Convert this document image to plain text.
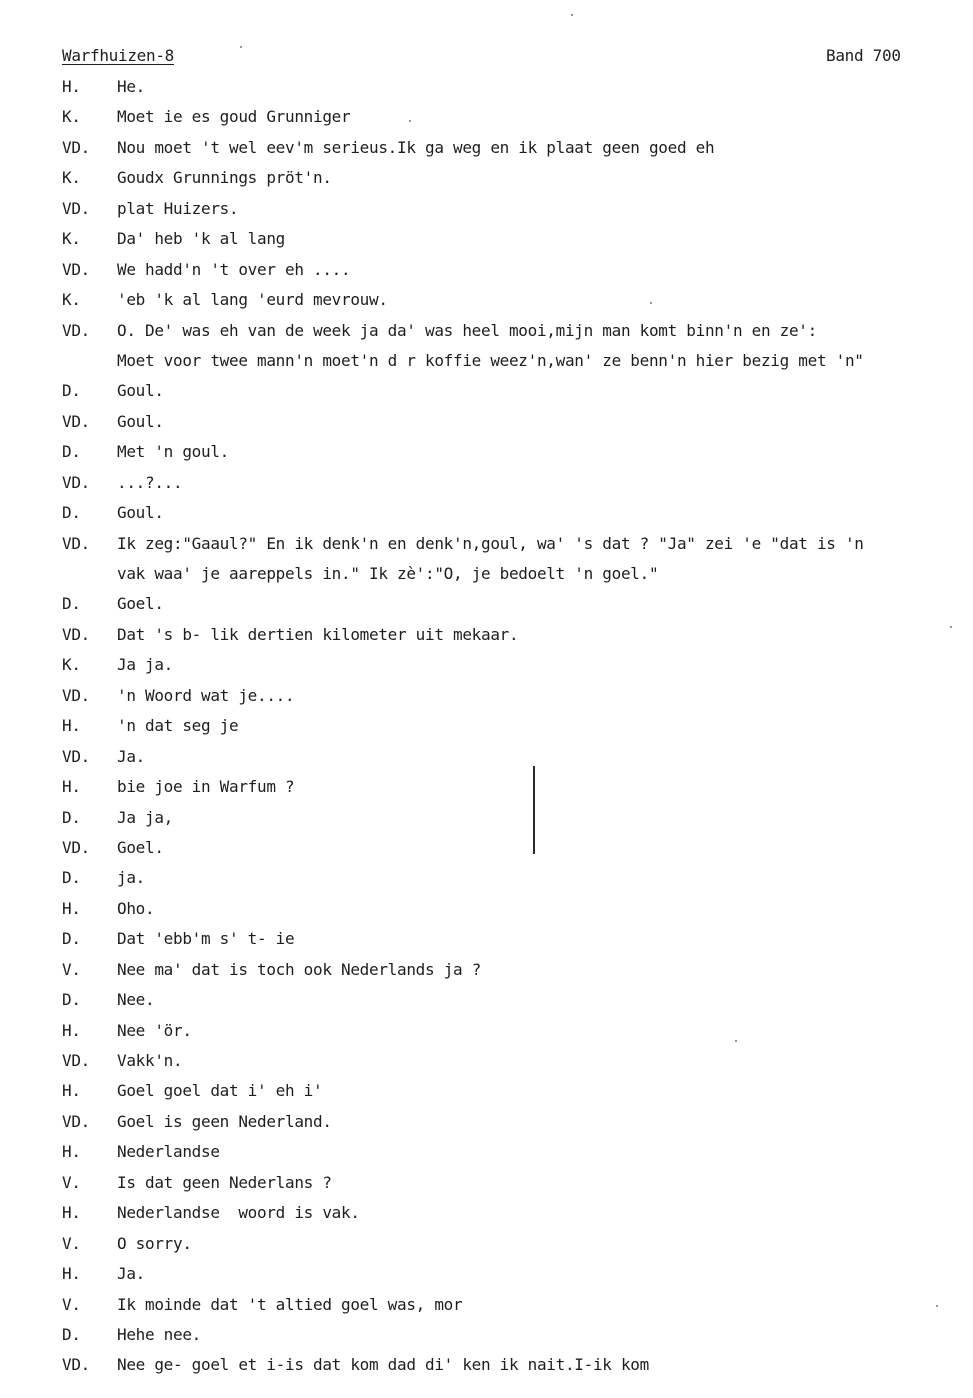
Warfhuizen-8	Band 700
H.	He.
K.	Moet ie es goud Grunniger
VD.	Nou moet 't wel eev'm serieus.Ik ga weg en ik plaat geen goed eh
K.	Goudx Grunnings pröt'n.
VD.	plat Huizers.
K.	Da' heb 'k al lang
VD.	We hadd'n 't over eh ....
K.	'eb 'k al lang 'eurd mevrouw.
VD.	O. De' was eh van de week ja da' was heel mooi,mijn man komt binn'n en ze':
Moet voor twee mann'n moet'n d r koffie weez'n,wan' ze benn'n hier bezig met 'n"
D.	Goul.
VD.	Goul.
D.	Met 'n goul.
VD.	...?...
D.	Goul.
VD.	Ik zeg:"Gaaul?" En ik denk'n en denk'n,goul, wa' 's dat ? "Ja" zei 'e "dat is 'n
vak waa' je aareppels in." Ik zè':"O, je bedoelt 'n goel."
D.	Goel.
VD.	Dat 's b- lik dertien kilometer uit mekaar.
K.	Ja ja.
VD.	'n Woord wat je....
H.	'n dat seg je
VD.	Ja.
H.	bie joe in Warfum ?
D.	Ja ja,
VD.	Goel.
D.	ja.
H.	Oho.
D.	Dat 'ebb'm s' t- ie
V.	Nee ma' dat is toch ook Nederlands ja ?
D.	Nee.
H.	Nee 'ör.
VD.	Vakk'n.
H.	Goel goel dat i' eh i'
VD.	Goel is geen Nederland.
H.	Nederlandse
V.	Is dat geen Nederlans ?
H.	Nederlandse  woord is vak.
V.	O sorry.
H.	Ja.
V.	Ik moinde dat 't altied goel was, mor
D.	Hehe nee.
VD.	Nee ge- goel et i-is dat kom dad di' ken ik nait.I-ik kom
